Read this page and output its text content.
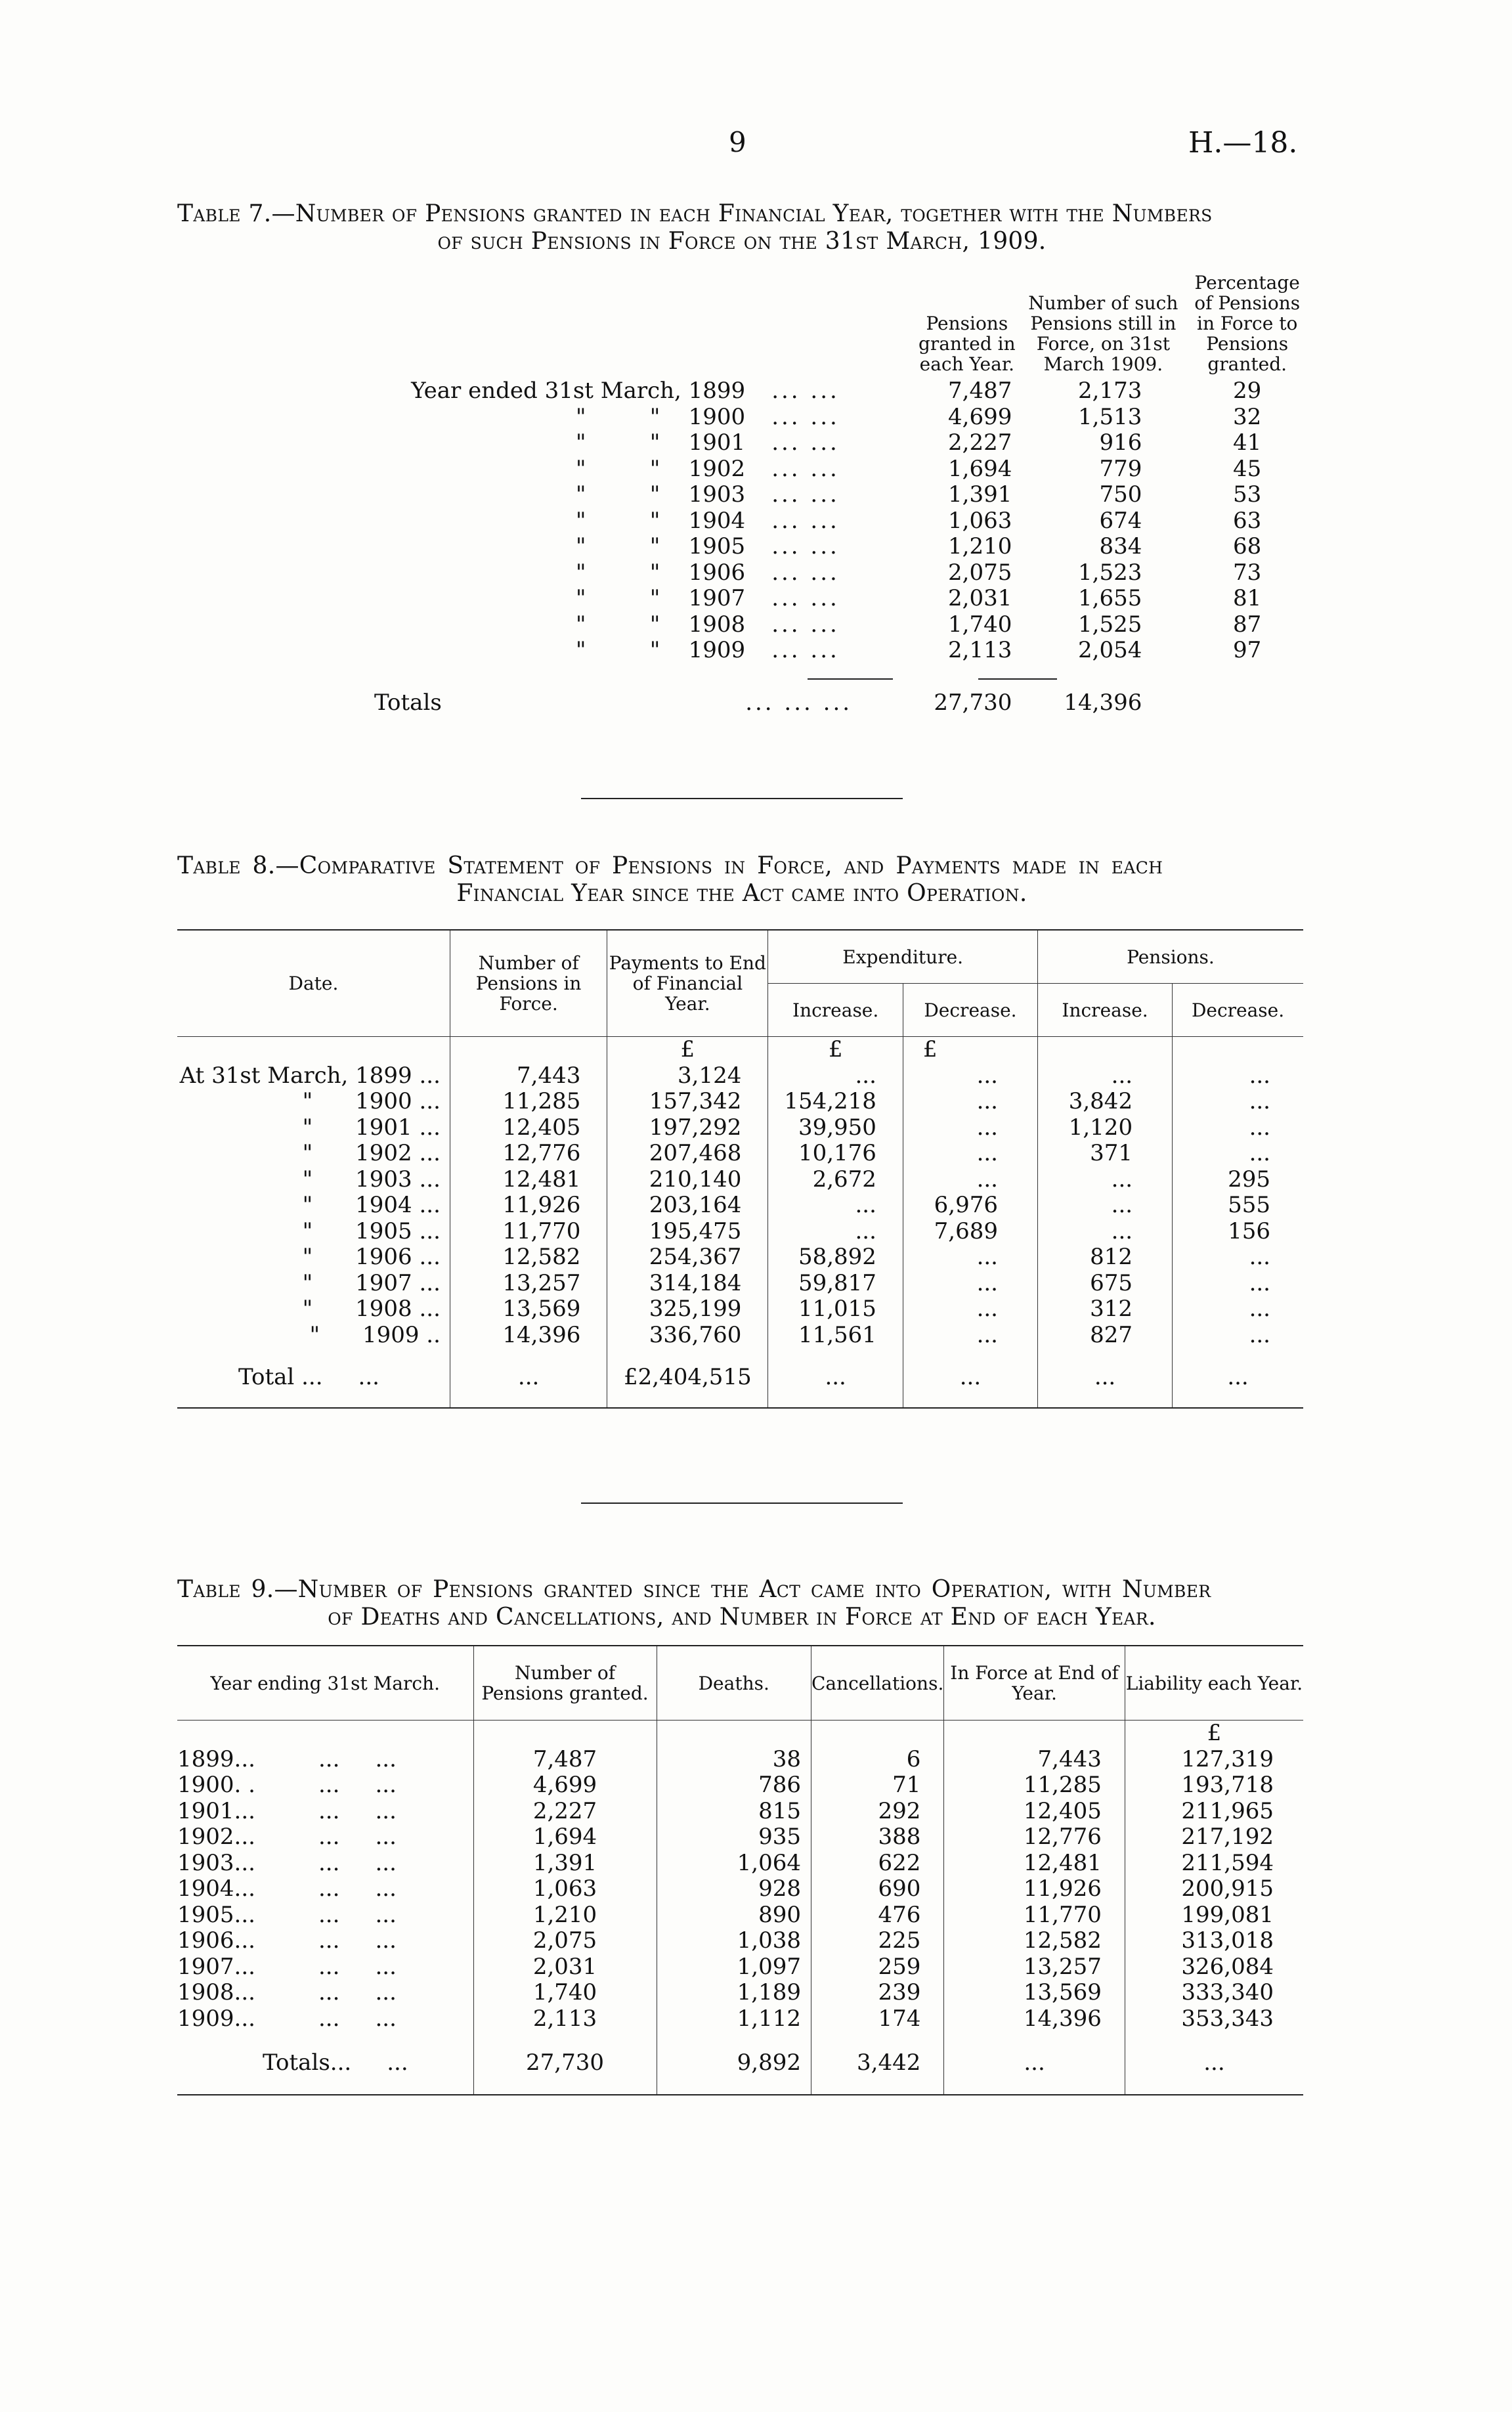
9	H.—18.
Table 7.—Number of Pensions granted in each Financial Year, together with the Numbers
of such Pensions in Force on the 31st March, 1909.
		Pensions granted in each Year.	Number of such Pensions still in Force, on 31st March 1909.	Percentage of Pensions in Force to Pensions granted.
Year ended 31st March, 1899	... ...	7,487	2,173	29
"         "    1900	... ...	4,699	1,513	32
"         "    1901	... ...	2,227	916	41
"         "    1902	... ...	1,694	779	45
"         "    1903	... ...	1,391	750	53
"         "    1904	... ...	1,063	674	63
"         "    1905	... ...	1,210	834	68
"         "    1906	... ...	2,075	1,523	73
"         "    1907	... ...	2,031	1,655	81
"         "    1908	... ...	1,740	1,525	87
"         "    1909	... ...	2,113	2,054	97
Totals	... ... ...	27,730	14,396	
Table 8.—Comparative Statement of Pensions in Force, and Payments made in each
Financial Year since the Act came into Operation.
Date.	Number of Pensions in Force.	Payments to End of Financial Year.	Expenditure.		Pensions.	
			Increase.	Decrease.	Increase.	Decrease.
		£	£	£		
At 31st March, 1899 ...	7,443	3,124	...	...	...	...
"      1900 ...	11,285	157,342	154,218	...	3,842	...
"      1901 ...	12,405	197,292	39,950	...	1,120	...
"      1902 ...	12,776	207,468	10,176	...	371	...
"      1903 ...	12,481	210,140	2,672	...	...	295
"      1904 ...	11,926	203,164	...	6,976	...	555
"      1905 ...	11,770	195,475	...	7,689	...	156
"      1906 ...	12,582	254,367	58,892	...	812	...
"      1907 ...	13,257	314,184	59,817	...	675	...
"      1908 ...	13,569	325,199	11,015	...	312	...
"      1909 ..	14,396	336,760	11,561	...	827	...
Total ...     ...	...	£2,404,515	...	...	...	...
Table 9.—Number of Pensions granted since the Act came into Operation, with Number
of Deaths and Cancellations, and Number in Force at End of each Year.
Year ending 31st March.	Number of Pensions granted.	Deaths.	Cancellations.	In Force at End of Year.	Liability each Year.
					£
1899... ...     ...	7,487	38	6	7,443	127,319
1900. . ...     ...	4,699	786	71	11,285	193,718
1901... ...     ...	2,227	815	292	12,405	211,965
1902... ...     ...	1,694	935	388	12,776	217,192
1903... ...     ...	1,391	1,064	622	12,481	211,594
1904... ...     ...	1,063	928	690	11,926	200,915
1905... ...     ...	1,210	890	476	11,770	199,081
1906... ...     ...	2,075	1,038	225	12,582	313,018
1907... ...     ...	2,031	1,097	259	13,257	326,084
1908... ...     ...	1,740	1,189	239	13,569	333,340
1909... ...     ...	2,113	1,112	174	14,396	353,343
Totals...     ...	27,730	9,892	3,442	...	...
